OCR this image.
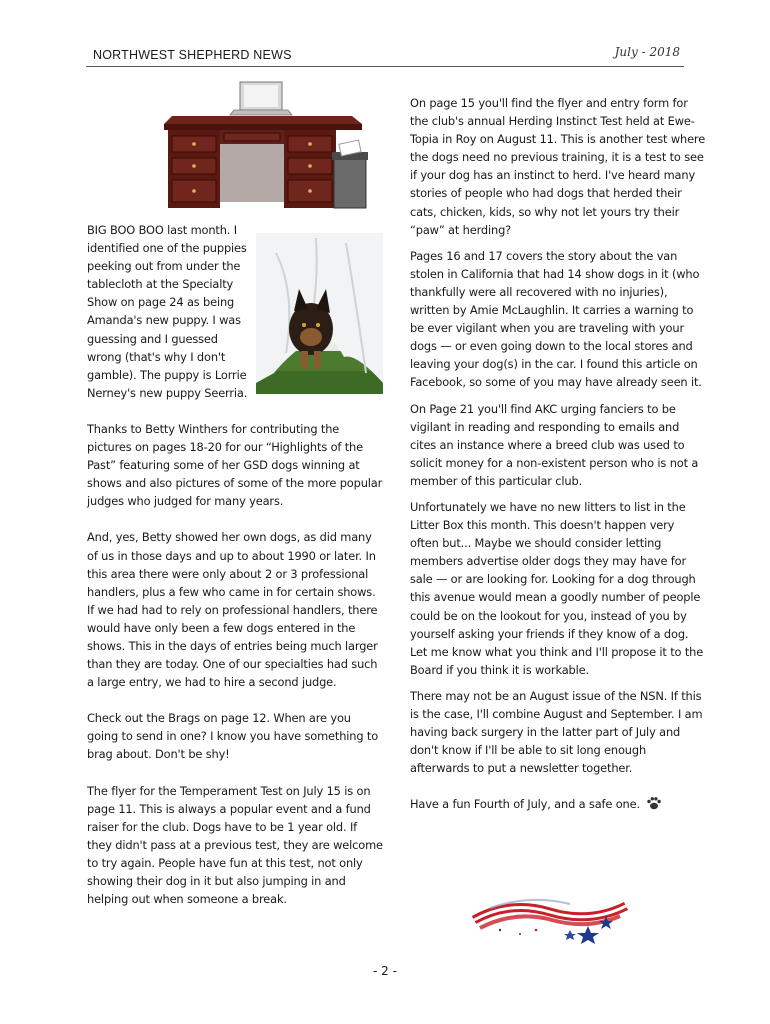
NORTHWEST SHEPHERD NEWS	July - 2018

BIG BOO BOO last month. I identified one of the puppies peeking out from under the tablecloth at the Specialty Show on page 24 as being Amanda's new puppy. I was guessing and I guessed wrong (that's why I don't gamble). The puppy is Lorrie Nerney's new puppy Seerria.

Thanks to Betty Winthers for contributing the pictures on pages 18-20 for our “Highlights of the Past” featuring some of her GSD dogs winning at shows and also pictures of some of the more popular judges who judged for many years.

And, yes, Betty showed her own dogs, as did many of us in those days and up to about 1990 or later. In this area there were only about 2 or 3 professional handlers, plus a few who came in for certain shows. If we had had to rely on professional handlers, there would have only been a few dogs entered in the shows. This in the days of entries being much larger than they are today. One of our specialties had such a large entry, we had to hire a second judge.

Check out the Brags on page 12. When are you going to send in one? I know you have something to brag about. Don't be shy!

The flyer for the Temperament Test on July 15 is on page 11. This is always a popular event and a fund raiser for the club. Dogs have to be 1 year old. If they didn't pass at a previous test, they are welcome to try again. People have fun at this test, not only showing their dog in it but also jumping in and helping out when someone a break.

On page 15 you'll find the flyer and entry form for the club's annual Herding Instinct Test held at Ewe-Topia in Roy on August 11. This is another test where the dogs need no previous training, it is a test to see if your dog has an instinct to herd. I've heard many stories of people who had dogs that herded their cats, chicken, kids, so why not let yours try their “paw” at herding?

Pages 16 and 17 covers the story about the van stolen in California that had 14 show dogs in it (who thankfully were all recovered with no injuries), written by Amie McLaughlin. It carries a warning to be ever vigilant when you are traveling with your dogs — or even going down to the local stores and leaving your dog(s) in the car. I found this article on Facebook, so some of you may have already seen it.

On Page 21 you'll find AKC urging fanciers to be vigilant in reading and responding to emails and cites an instance where a breed club was used to solicit money for a non-existent person who is not a member of this particular club.

Unfortunately we have no new litters to list in the Litter Box this month. This doesn't happen very often but... Maybe we should consider letting members advertise older dogs they may have for sale — or are looking for. Looking for a dog through this avenue would mean a goodly number of people could be on the lookout for you, instead of you by yourself asking your friends if they know of a dog. Let me know what you think and I'll propose it to the Board if you think it is workable.

There may not be an August issue of the NSN. If this is the case, I'll combine August and September. I am having back surgery in the latter part of July and don't know if I'll be able to sit long enough afterwards to put a newsletter together.

Have a fun Fourth of July, and a safe one.

- 2 -
